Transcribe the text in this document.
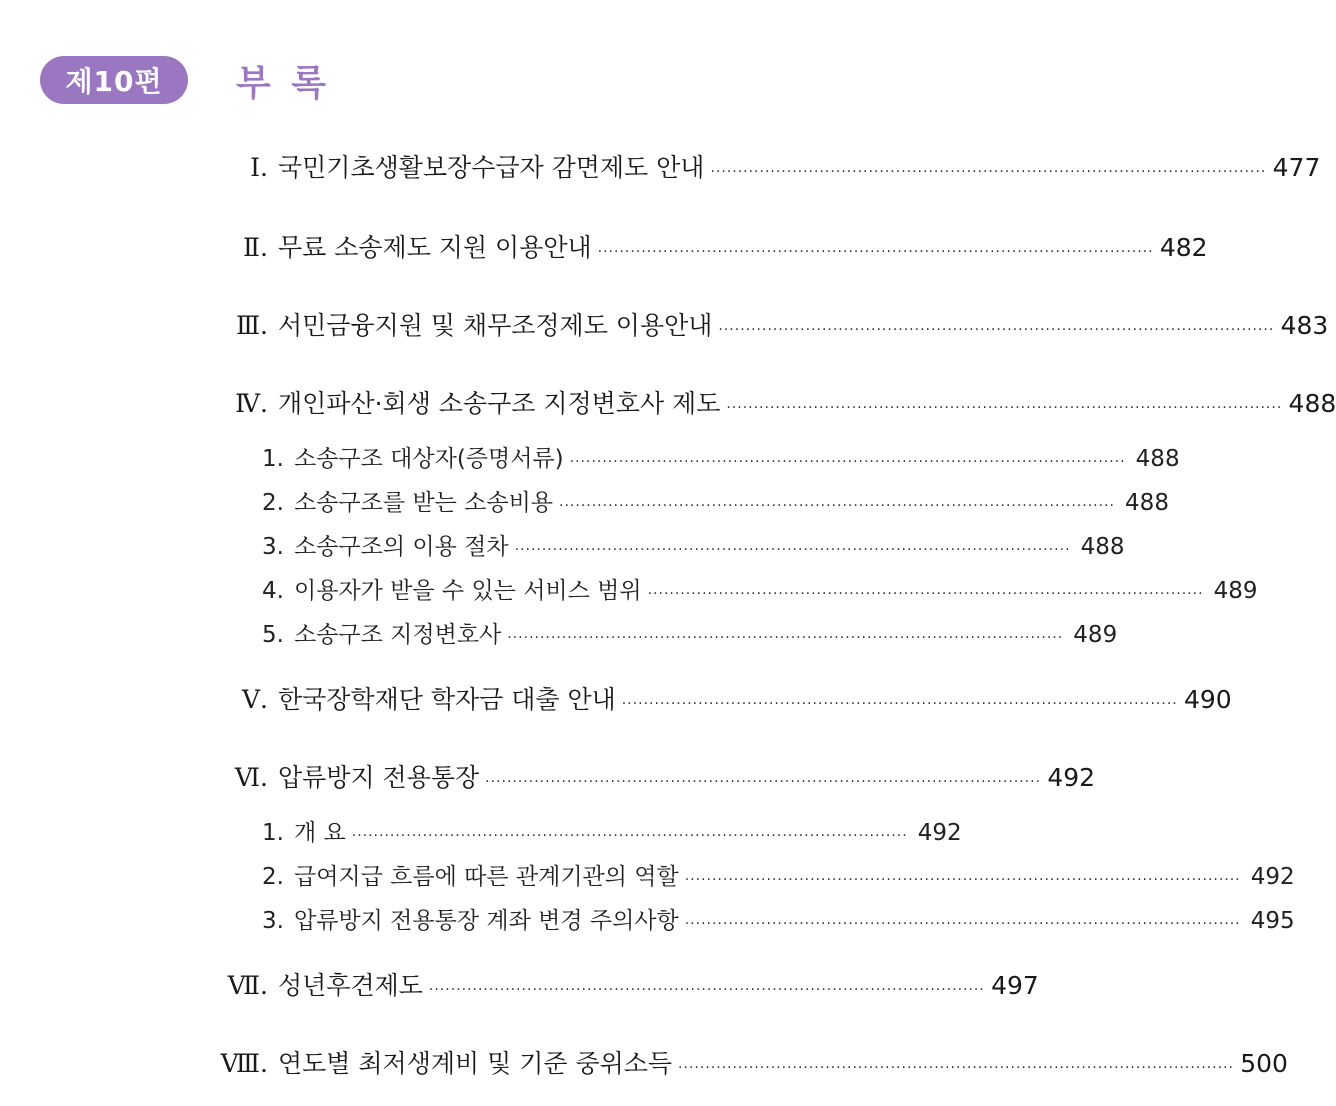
제10편	부 록
Ⅰ. 국민기초생활보장수급자 감면제도 안내 ······································································································ 477
Ⅱ. 무료 소송제도 지원 이용안내 ······································································································ 482
Ⅲ. 서민금융지원 및 채무조정제도 이용안내 ······································································································ 483
Ⅳ. 개인파산·회생 소송구조 지정변호사 제도 ······································································································ 488
1. 소송구조 대상자(증명서류) ······································································································ 488
2. 소송구조를 받는 소송비용 ······································································································ 488
3. 소송구조의 이용 절차 ······································································································ 488
4. 이용자가 받을 수 있는 서비스 범위 ······································································································ 489
5. 소송구조 지정변호사 ······································································································ 489
Ⅴ. 한국장학재단 학자금 대출 안내 ······································································································ 490
Ⅵ. 압류방지 전용통장 ······································································································ 492
1. 개 요 ······································································································ 492
2. 급여지급 흐름에 따른 관계기관의 역할 ······································································································ 492
3. 압류방지 전용통장 계좌 변경 주의사항 ······································································································ 495
Ⅶ. 성년후견제도 ······································································································ 497
Ⅷ. 연도별 최저생계비 및 기준 중위소득 ······································································································ 500
